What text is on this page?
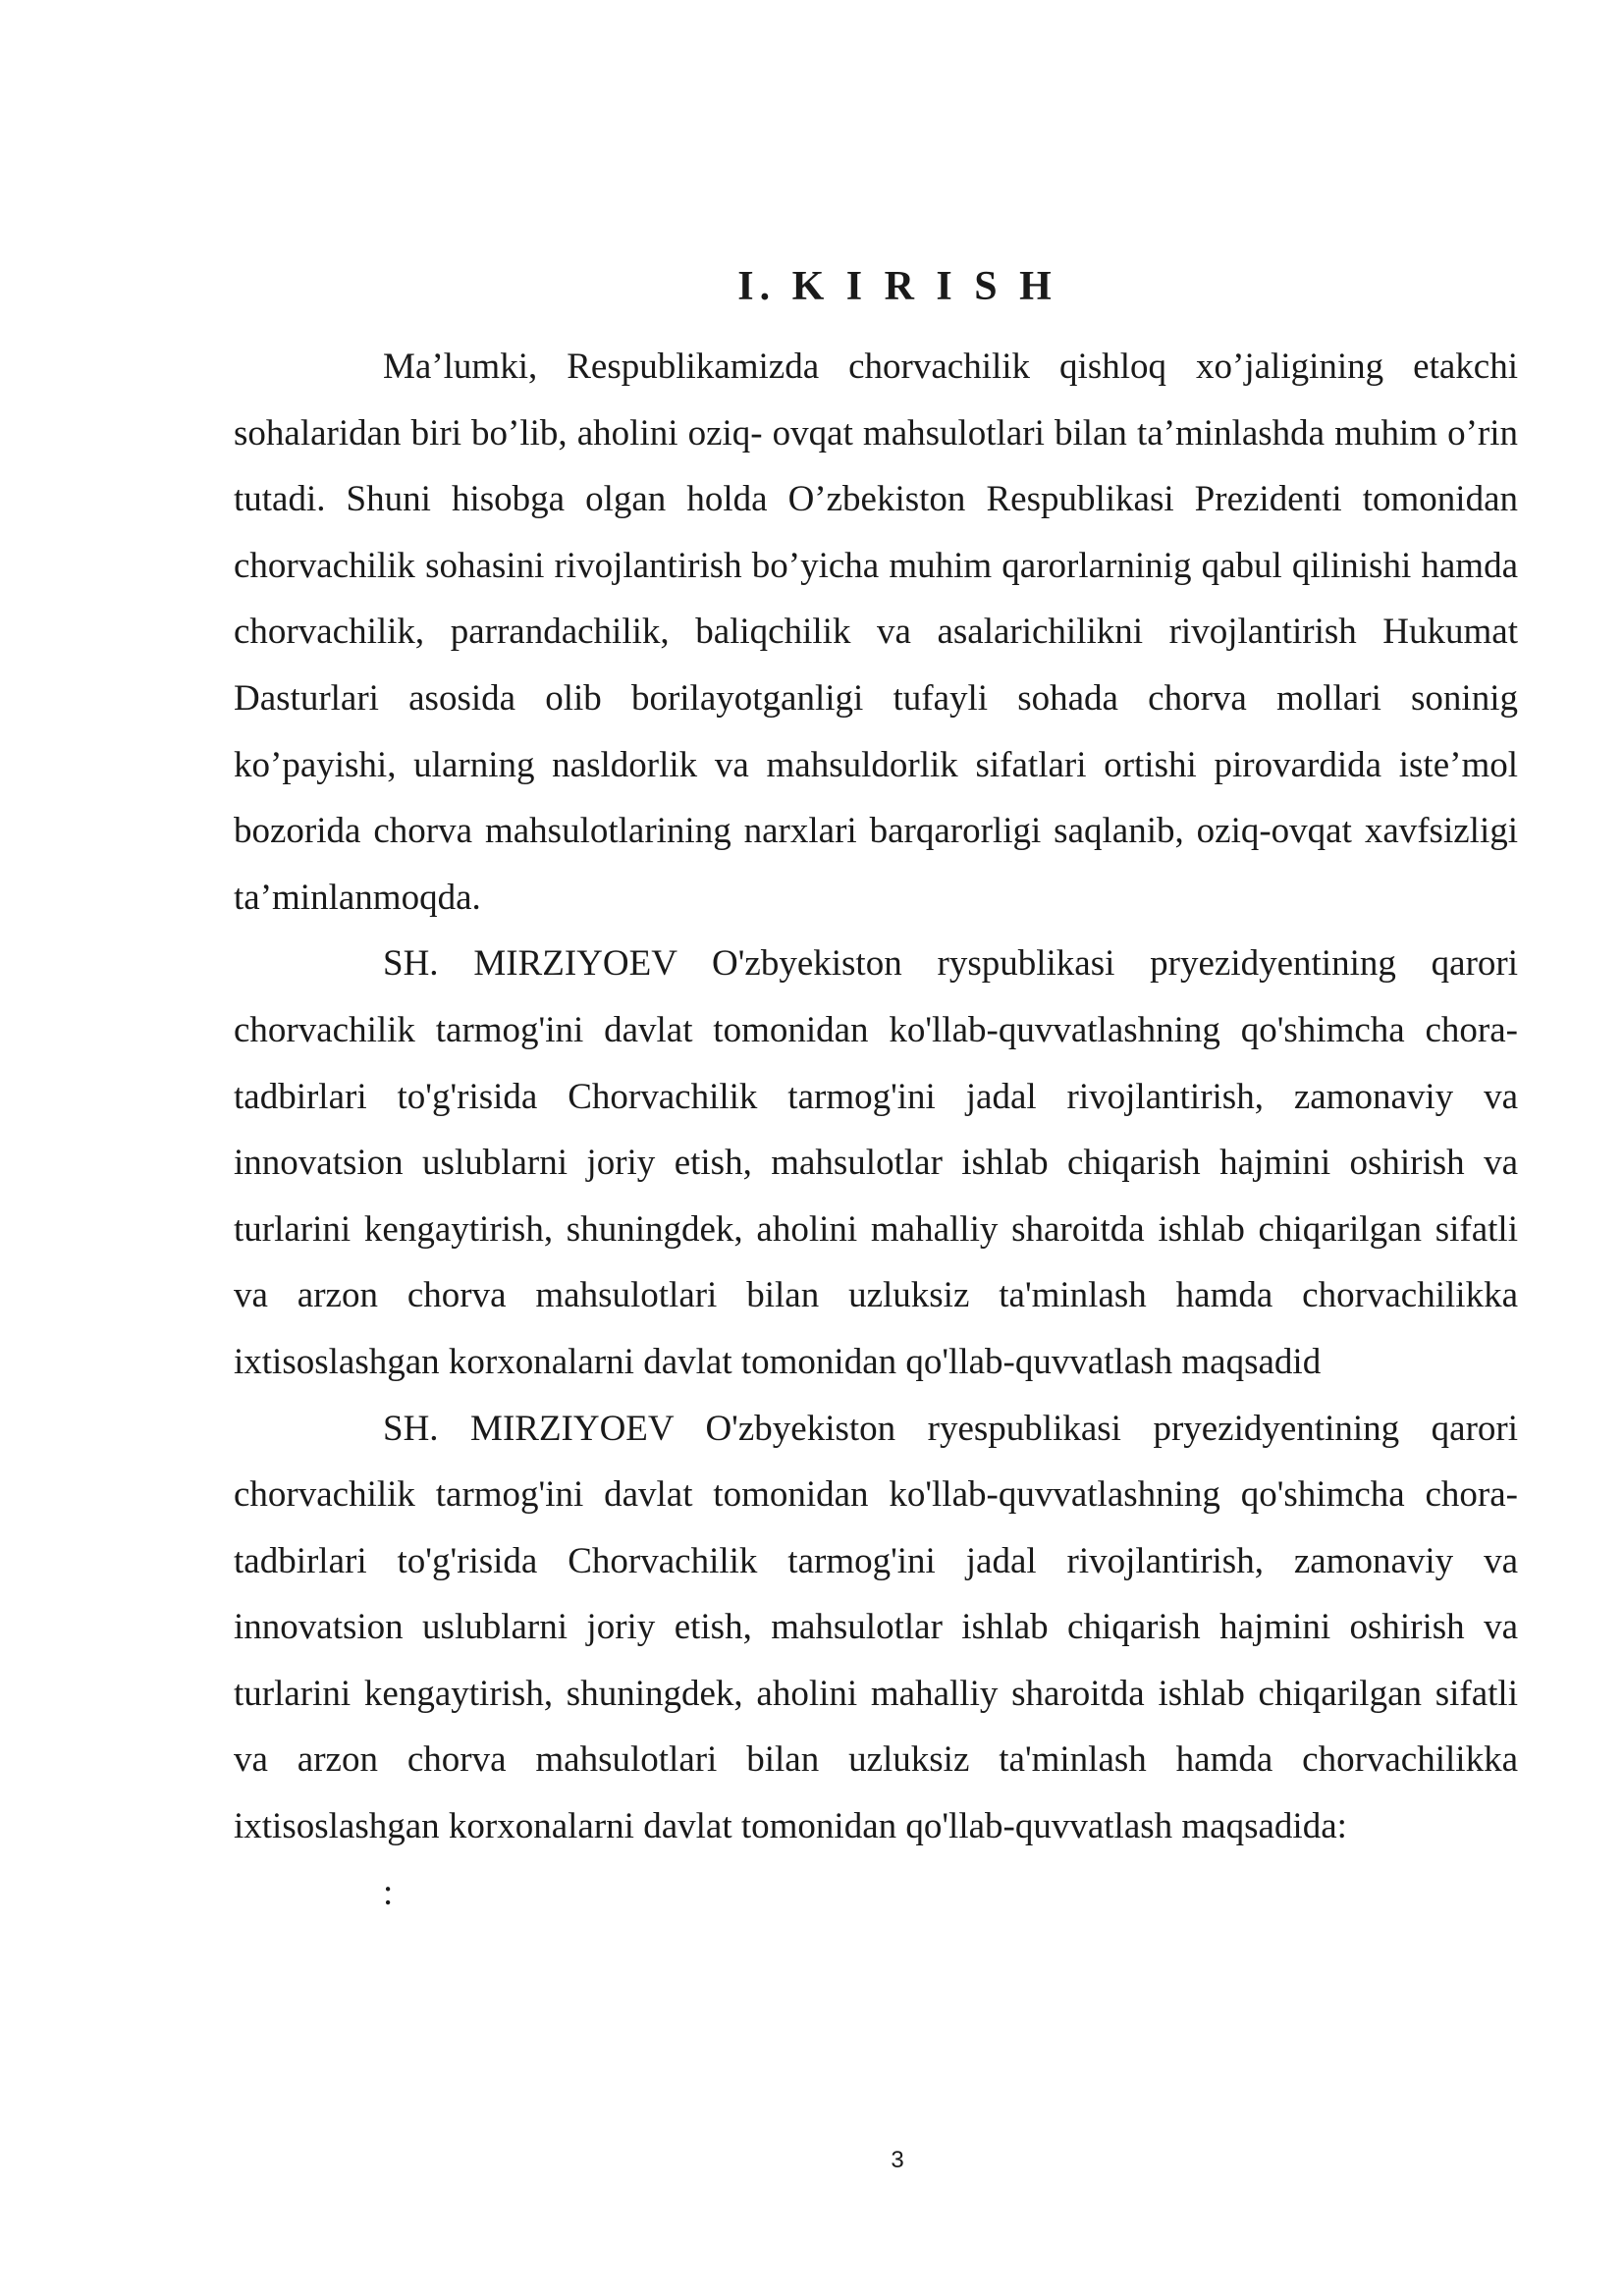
I. K I R I S H

Ma’lumki, Respublikamizda chorvachilik qishloq xo’jaligining etakchi sohalaridan biri bo’lib, aholini oziq- ovqat mahsulotlari bilan ta’minlashda muhim o’rin tutadi. Shuni hisobga olgan holda O’zbekiston Respublikasi Prezidenti tomonidan chorvachilik sohasini rivojlantirish bo’yicha muhim qarorlarninig qabul qilinishi hamda chorvachilik, parrandachilik, baliqchilik va asalarichilikni rivojlantirish Hukumat Dasturlari asosida olib borilayotganligi tufayli sohada chorva mollari soninig ko’payishi, ularning nasldorlik va mahsuldorlik sifatlari ortishi pirovardida iste’mol bozorida chorva mahsulotlarining narxlari barqarorligi saqlanib, oziq-ovqat xavfsizligi ta’minlanmoqda.

SH. MIRZIYOEV O'zbyekiston ryspublikasi pryezidyentining qarori chorvachilik tarmog'ini davlat tomonidan ko'llab-quvvatlashning qo'shimcha chora-tadbirlari to'g'risida Chorvachilik tarmog'ini jadal rivojlantirish, zamonaviy va innovatsion uslublarni joriy etish, mahsulotlar ishlab chiqarish hajmini oshirish va turlarini kengaytirish, shuningdek, aholini mahalliy sharoitda ishlab chiqarilgan sifatli va arzon chorva mahsulotlari bilan uzluksiz ta'minlash hamda chorvachilikka ixtisoslashgan korxonalarni davlat tomonidan qo'llab-quvvatlash maqsadid

SH. MIRZIYOEV O'zbyekiston ryespublikasi pryezidyentining qarori chorvachilik tarmog'ini davlat tomonidan ko'llab-quvvatlashning qo'shimcha chora-tadbirlari to'g'risida Chorvachilik tarmog'ini jadal rivojlantirish, zamonaviy va innovatsion uslublarni joriy etish, mahsulotlar ishlab chiqarish hajmini oshirish va turlarini kengaytirish, shuningdek, aholini mahalliy sharoitda ishlab chiqarilgan sifatli va arzon chorva mahsulotlari bilan uzluksiz ta'minlash hamda chorvachilikka ixtisoslashgan korxonalarni davlat tomonidan qo'llab-quvvatlash maqsadida:

:

3
